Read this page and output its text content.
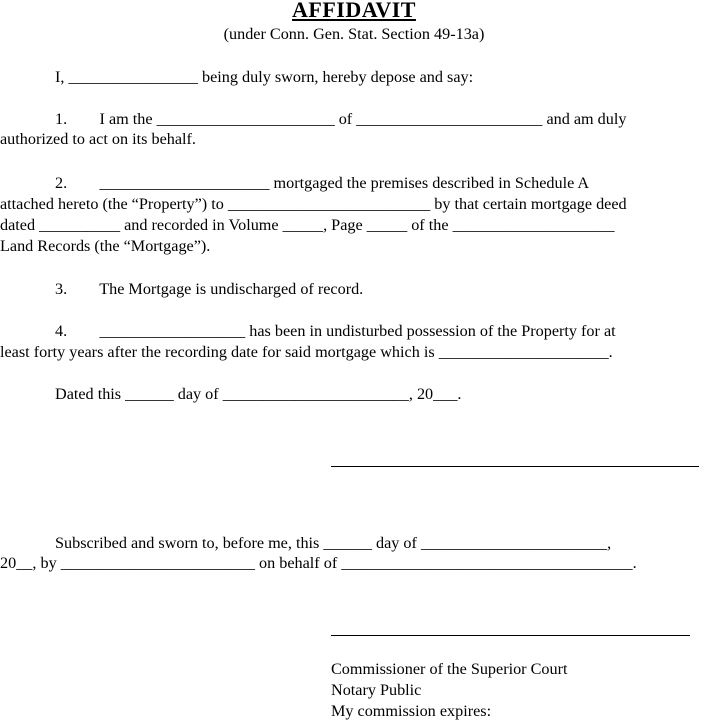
AFFIDAVIT
(under Conn. Gen. Stat. Section 49-13a)
I, ________________ being duly sworn, hereby depose and say:
1.        I am the ______________________ of _______________________ and am duly
authorized to act on its behalf.
2.        _____________________ mortgaged the premises described in Schedule A
attached hereto (the “Property”) to _________________________ by that certain mortgage deed
dated __________ and recorded in Volume _____, Page _____ of the ____________________
Land Records (the “Mortgage”).
3.        The Mortgage is undischarged of record.
4.        __________________ has been in undisturbed possession of the Property for at
least forty years after the recording date for said mortgage which is _____________________.
Dated this ______ day of _______________________, 20___.
Subscribed and sworn to, before me, this ______ day of _______________________,
20__, by ________________________ on behalf of ____________________________________.
Commissioner of the Superior Court
Notary Public
My commission expires:
